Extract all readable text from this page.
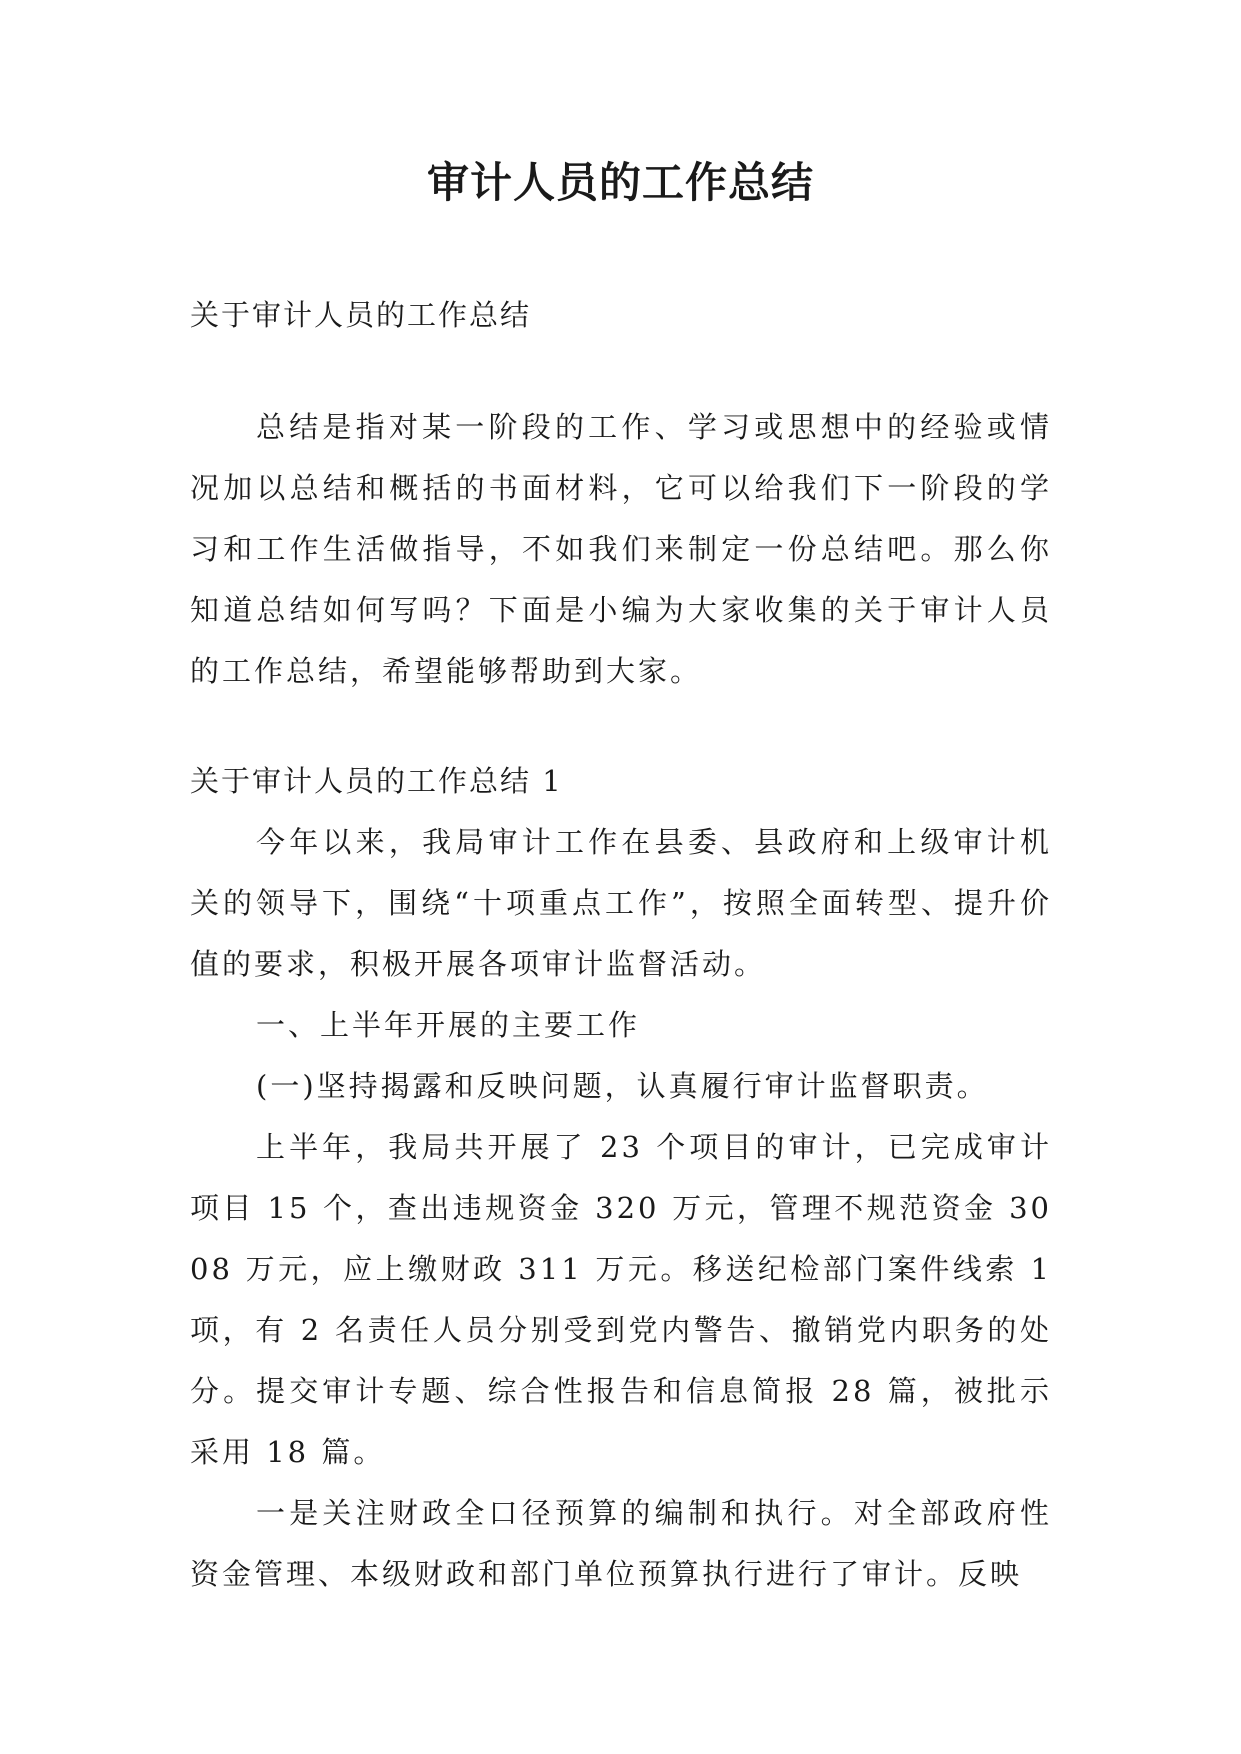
审计人员的工作总结

关于审计人员的工作总结

总结是指对某一阶段的工作、学习或思想中的经验或情况加以总结和概括的书面材料，它可以给我们下一阶段的学习和工作生活做指导，不如我们来制定一份总结吧。那么你知道总结如何写吗？下面是小编为大家收集的关于审计人员的工作总结，希望能够帮助到大家。

关于审计人员的工作总结 1

今年以来，我局审计工作在县委、县政府和上级审计机关的领导下，围绕“十项重点工作”，按照全面转型、提升价值的要求，积极开展各项审计监督活动。

一、上半年开展的主要工作

(一)坚持揭露和反映问题，认真履行审计监督职责。

上半年，我局共开展了 23 个项目的审计，已完成审计项目 15 个，查出违规资金 320 万元，管理不规范资金 3008 万元，应上缴财政 311 万元。移送纪检部门案件线索 1 项，有 2 名责任人员分别受到党内警告、撤销党内职务的处分。提交审计专题、综合性报告和信息简报 28 篇，被批示采用 18 篇。

一是关注财政全口径预算的编制和执行。对全部政府性资金管理、本级财政和部门单位预算执行进行了审计。反映
